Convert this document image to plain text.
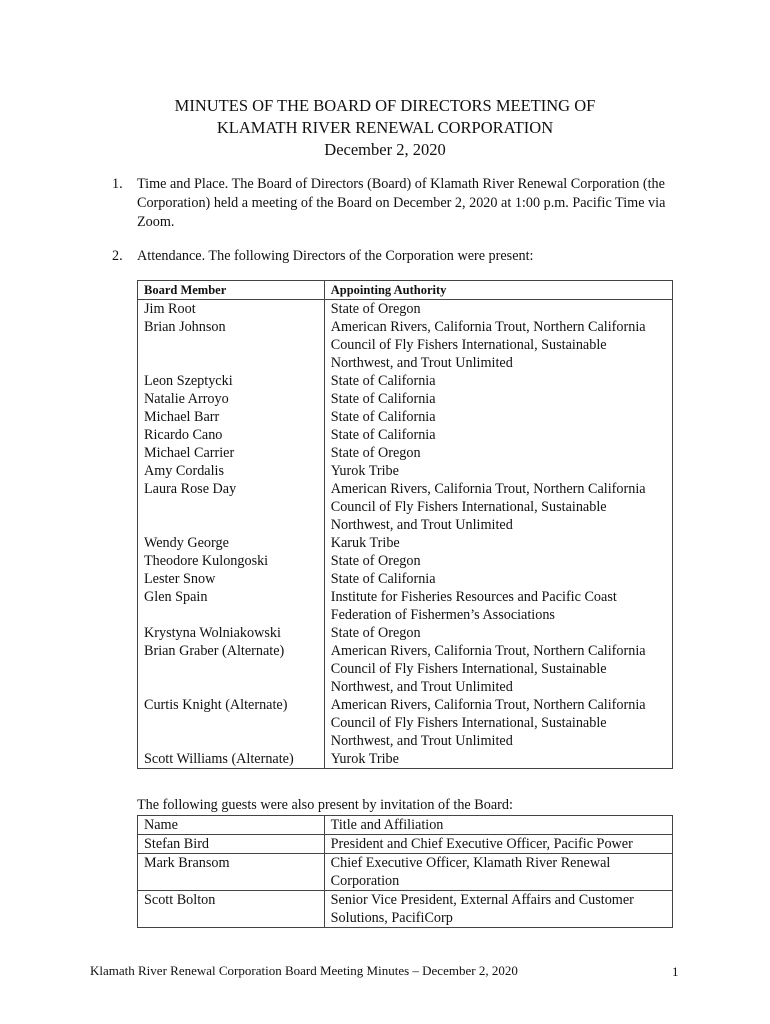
MINUTES OF THE BOARD OF DIRECTORS MEETING OF
KLAMATH RIVER RENEWAL CORPORATION
December 2, 2020
1. Time and Place. The Board of Directors (Board) of Klamath River Renewal Corporation (the Corporation) held a meeting of the Board on December 2, 2020 at 1:00 p.m. Pacific Time via Zoom.
2. Attendance. The following Directors of the Corporation were present:
Board Member	Appointing Authority
Jim Root	State of Oregon
Brian Johnson	American Rivers, California Trout, Northern California Council of Fly Fishers International, Sustainable Northwest, and Trout Unlimited
Leon Szeptycki	State of California
Natalie Arroyo	State of California
Michael Barr	State of California
Ricardo Cano	State of California
Michael Carrier	State of Oregon
Amy Cordalis	Yurok Tribe
Laura Rose Day	American Rivers, California Trout, Northern California Council of Fly Fishers International, Sustainable Northwest, and Trout Unlimited
Wendy George	Karuk Tribe
Theodore Kulongoski	State of Oregon
Lester Snow	State of California
Glen Spain	Institute for Fisheries Resources and Pacific Coast Federation of Fishermen’s Associations
Krystyna Wolniakowski	State of Oregon
Brian Graber (Alternate)	American Rivers, California Trout, Northern California Council of Fly Fishers International, Sustainable Northwest, and Trout Unlimited
Curtis Knight (Alternate)	American Rivers, California Trout, Northern California Council of Fly Fishers International, Sustainable Northwest, and Trout Unlimited
Scott Williams (Alternate)	Yurok Tribe
The following guests were also present by invitation of the Board:
Name	Title and Affiliation
Stefan Bird	President and Chief Executive Officer, Pacific Power
Mark Bransom	Chief Executive Officer, Klamath River Renewal Corporation
Scott Bolton	Senior Vice President, External Affairs and Customer Solutions, PacifiCorp
Klamath River Renewal Corporation Board Meeting Minutes – December 2, 2020	1
